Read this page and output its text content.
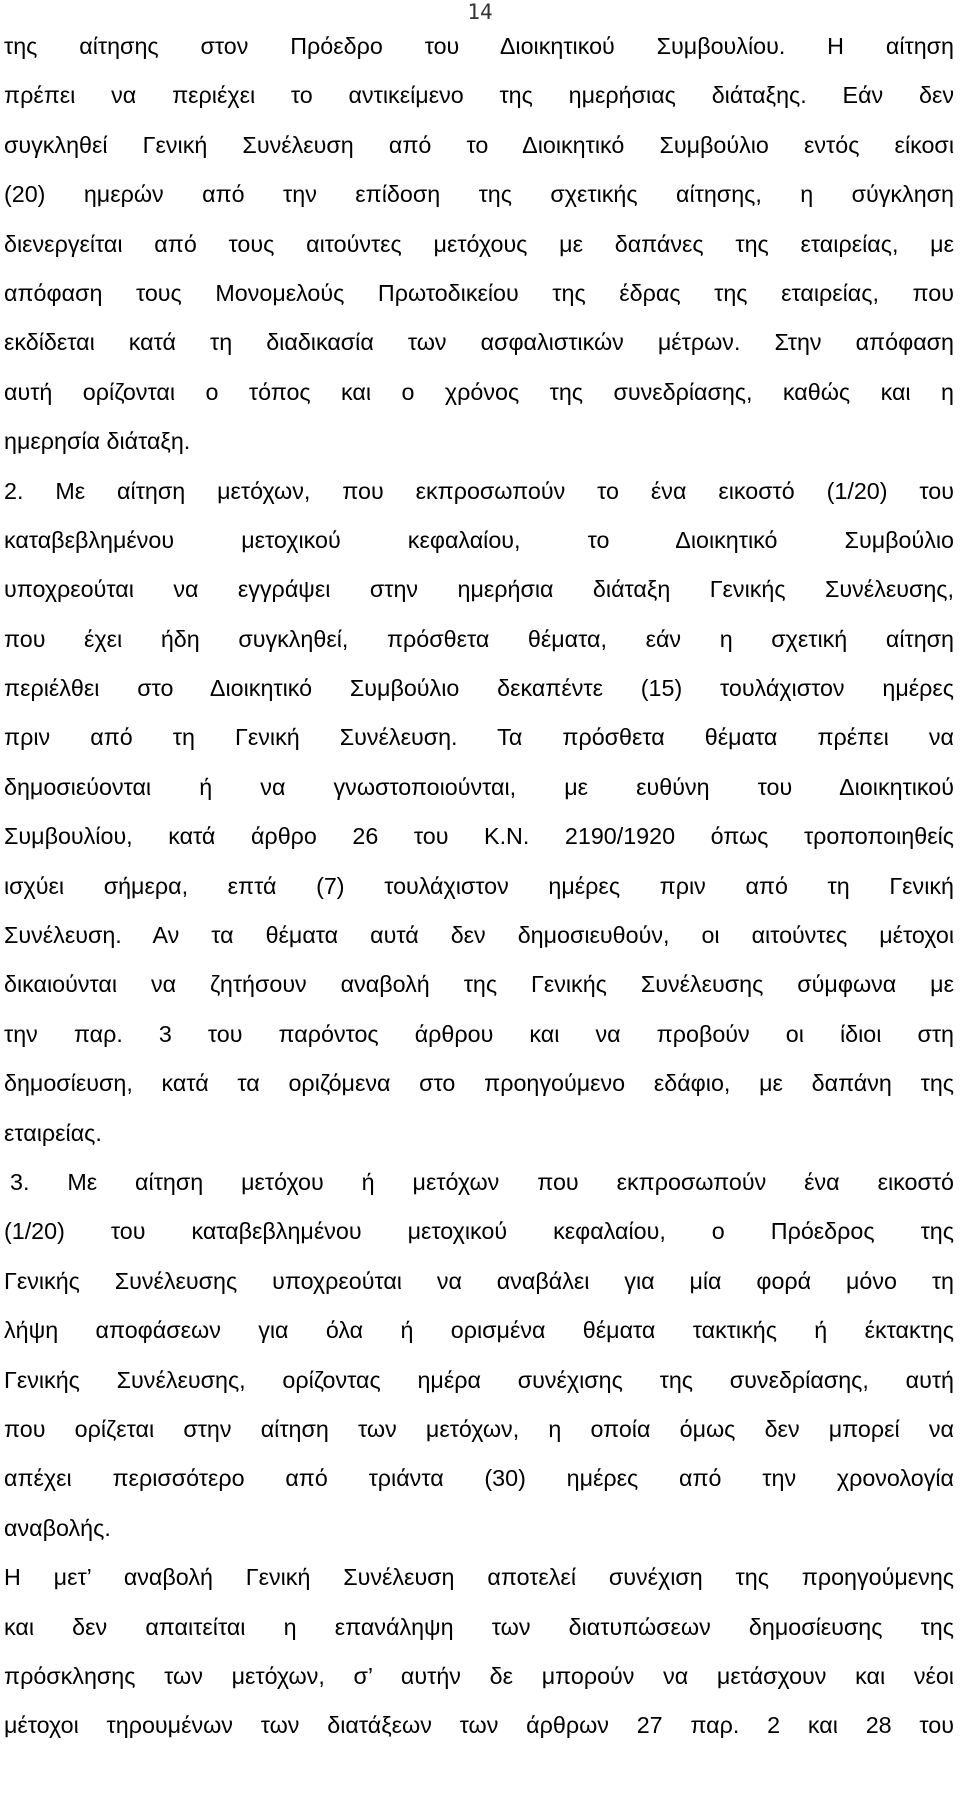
14
της αίτησης στον Πρόεδρο του Διοικητικού Συμβουλίου. Η αίτηση
πρέπει να περιέχει το αντικείμενο της ημερήσιας διάταξης. Εάν δεν
συγκληθεί Γενική Συνέλευση από το Διοικητικό Συμβούλιο εντός είκοσι
(20) ημερών από την επίδοση της σχετικής αίτησης, η σύγκληση
διενεργείται από τους αιτούντες μετόχους με δαπάνες της εταιρείας, με
απόφαση τους Μονομελούς Πρωτοδικείου της έδρας της εταιρείας, που
εκδίδεται κατά τη διαδικασία των ασφαλιστικών μέτρων. Στην απόφαση
αυτή ορίζονται ο τόπος και ο χρόνος της συνεδρίασης, καθώς και η
ημερησία διάταξη.
2. Με αίτηση μετόχων, που εκπροσωπούν το ένα εικοστό (1/20) του
καταβεβλημένου μετοχικού κεφαλαίου, το Διοικητικό Συμβούλιο
υποχρεούται να εγγράψει στην ημερήσια διάταξη Γενικής Συνέλευσης,
που έχει ήδη συγκληθεί, πρόσθετα θέματα, εάν η σχετική αίτηση
περιέλθει στο Διοικητικό Συμβούλιο δεκαπέντε (15) τουλάχιστον ημέρες
πριν από τη Γενική Συνέλευση. Τα πρόσθετα θέματα πρέπει να
δημοσιεύονται ή να γνωστοποιούνται, με ευθύνη του Διοικητικού
Συμβουλίου, κατά άρθρο 26 του Κ.Ν. 2190/1920 όπως τροποποιηθείς
ισχύει σήμερα, επτά (7) τουλάχιστον ημέρες πριν από τη Γενική
Συνέλευση. Αν τα θέματα αυτά δεν δημοσιευθούν, οι αιτούντες μέτοχοι
δικαιούνται να ζητήσουν αναβολή της Γενικής Συνέλευσης σύμφωνα με
την παρ. 3 του παρόντος άρθρου και να προβούν οι ίδιοι στη
δημοσίευση, κατά τα οριζόμενα στο προηγούμενο εδάφιο, με δαπάνη της
εταιρείας.
3. Με αίτηση μετόχου ή μετόχων που εκπροσωπούν ένα εικοστό
(1/20) του καταβεβλημένου μετοχικού κεφαλαίου, ο Πρόεδρος της
Γενικής Συνέλευσης υποχρεούται να αναβάλει για μία φορά μόνο τη
λήψη αποφάσεων για όλα ή ορισμένα θέματα τακτικής ή έκτακτης
Γενικής Συνέλευσης, ορίζοντας ημέρα συνέχισης της συνεδρίασης, αυτή
που ορίζεται στην αίτηση των μετόχων, η οποία όμως δεν μπορεί να
απέχει περισσότερο από τριάντα (30) ημέρες από την χρονολογία
αναβολής.
Η μετ’ αναβολή Γενική Συνέλευση αποτελεί συνέχιση της προηγούμενης
και δεν απαιτείται η επανάληψη των διατυπώσεων δημοσίευσης της
πρόσκλησης των μετόχων, σ’ αυτήν δε μπορούν να μετάσχουν και νέοι
μέτοχοι τηρουμένων των διατάξεων των άρθρων 27 παρ. 2 και 28 του
